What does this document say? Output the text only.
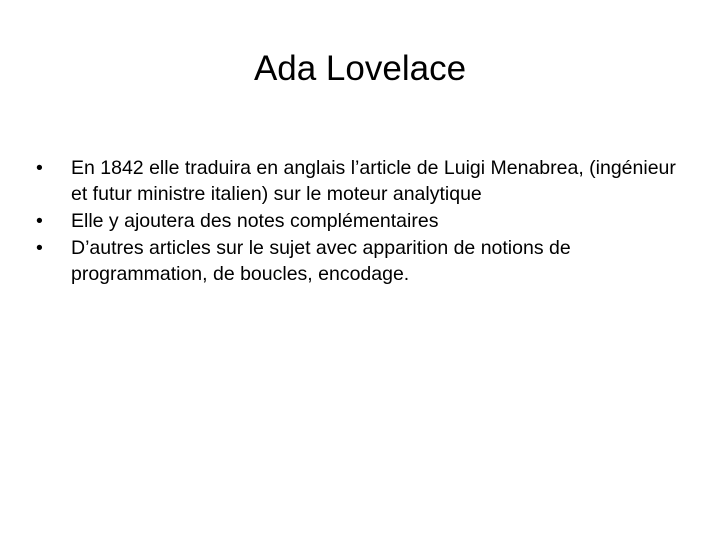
Ada Lovelace
•	En 1842 elle traduira en anglais l’article de Luigi Menabrea, (ingénieur et futur ministre italien) sur le moteur analytique
•	Elle y ajoutera des notes complémentaires
•	D’autres articles sur le sujet avec apparition de notions de programmation, de boucles, encodage.
